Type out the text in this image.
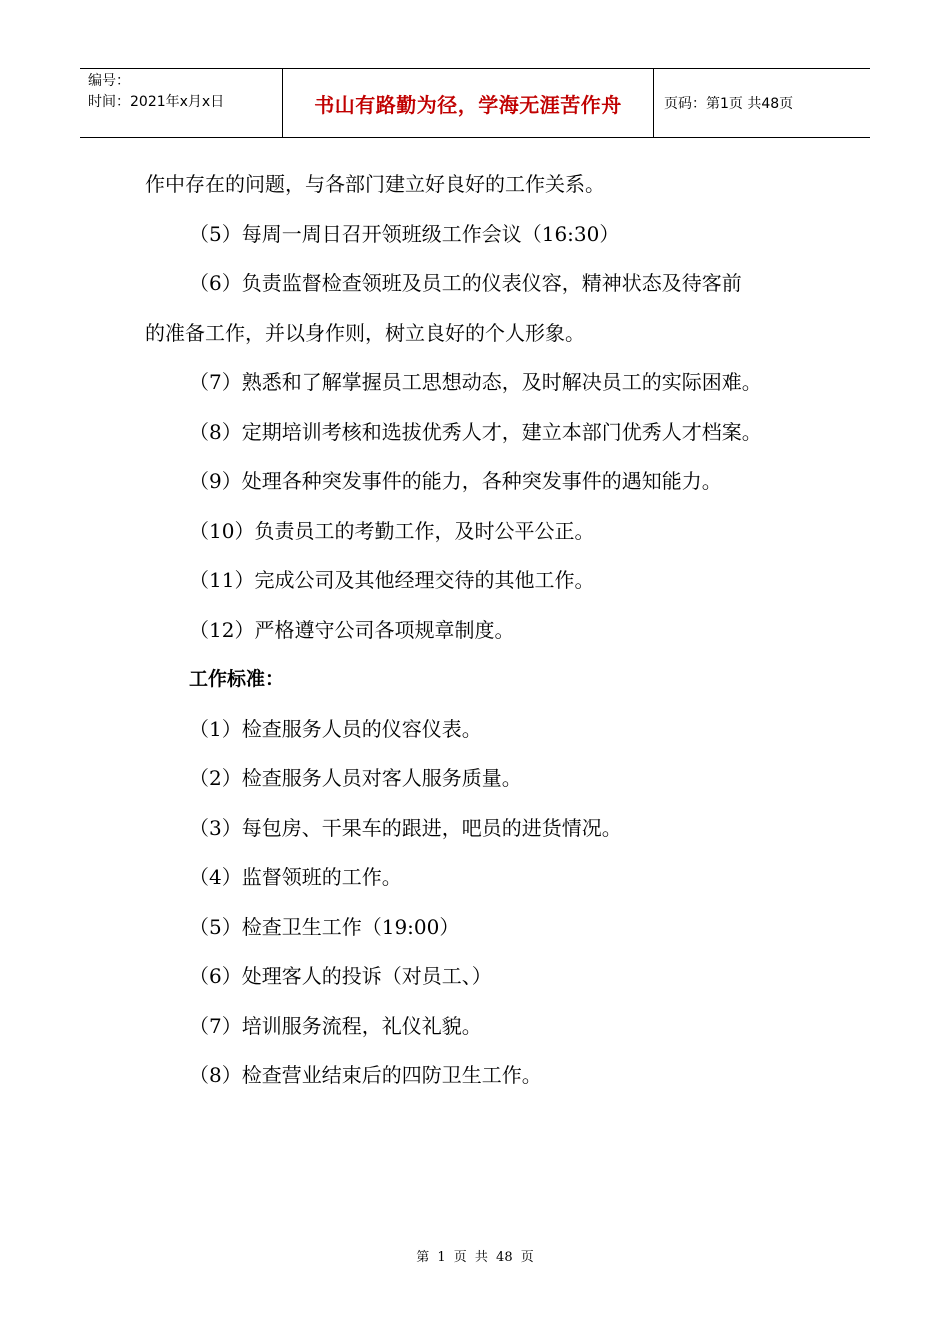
编号：
时间：2021年x月x日	书山有路勤为径，学海无涯苦作舟	页码：第1页 共48页

作中存在的问题，与各部门建立好良好的工作关系。

（5）每周一周日召开领班级工作会议（16:30）

（6）负责监督检查领班及员工的仪表仪容，精神状态及待客前

的准备工作，并以身作则，树立良好的个人形象。

（7）熟悉和了解掌握员工思想动态，及时解决员工的实际困难。

（8）定期培训考核和选拔优秀人才，建立本部门优秀人才档案。

（9）处理各种突发事件的能力，各种突发事件的遇知能力。

（10）负责员工的考勤工作，及时公平公正。

（11）完成公司及其他经理交待的其他工作。

（12）严格遵守公司各项规章制度。

工作标准：

（1）检查服务人员的仪容仪表。

（2）检查服务人员对客人服务质量。

（3）每包房、干果车的跟进，吧员的进货情况。

（4）监督领班的工作。

（5）检查卫生工作（19:00）

（6）处理客人的投诉（对员工、）

（7）培训服务流程，礼仪礼貌。

（8）检查营业结束后的四防卫生工作。

第 1 页 共 48 页
